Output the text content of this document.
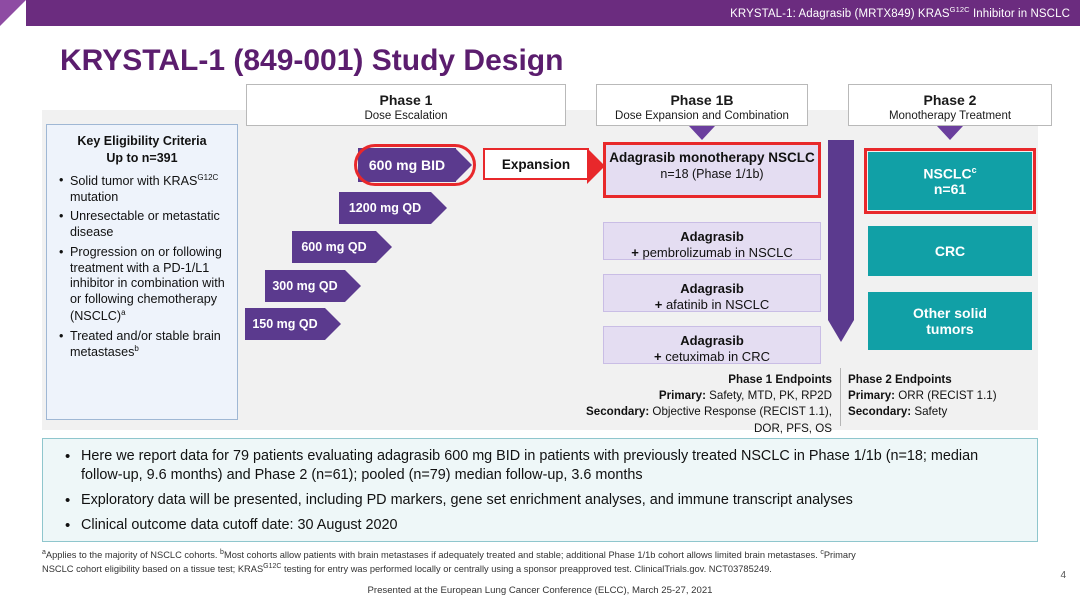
KRYSTAL-1: Adagrasib (MRTX849) $KRAS^{G12C}$ Inhibitor in NSCLC
KRYSTAL-1 (849-001) Study Design
Phase 1
Dose Escalation
Phase 1B
Dose Expansion and Combination
Phase 2
Monotherapy Treatment
Key Eligibility Criteria
Up to n=391
• Solid tumor with $KRAS^{G12C}$ mutation
• Unresectable or metastatic disease
• Progression on or following treatment with a PD-1/L1 inhibitor in combination with or following chemotherapy (NSCLC)$^a$
• Treated and/or stable brain metastases$^b$
150 mg QD
300 mg QD
600 mg QD
1200 mg QD
600 mg BID	Expansion	Adagrasib monotherapy NSCLC
n=18 (Phase 1/1b)
Adagrasib
+ pembrolizumab in NSCLC
Adagrasib
+ afatinib in NSCLC
Adagrasib
+ cetuximab in CRC
NSCLC$^c$
n=61
CRC
Other solid
tumors
Phase 1 Endpoints
Primary: Safety, MTD, PK, RP2D
Secondary: Objective Response (RECIST 1.1), DOR, PFS, OS
Phase 2 Endpoints
Primary: ORR (RECIST 1.1)
Secondary: Safety
• Here we report data for 79 patients evaluating adagrasib 600 mg BID in patients with previously treated NSCLC in Phase 1/1b (n=18; median follow-up, 9.6 months) and Phase 2 (n=61); pooled (n=79) median follow-up, 3.6 months
• Exploratory data will be presented, including PD markers, gene set enrichment analyses, and immune transcript analyses
• Clinical outcome data cutoff date: 30 August 2020
$^a$Applies to the majority of NSCLC cohorts. $^b$Most cohorts allow patients with brain metastases if adequately treated and stable; additional Phase 1/1b cohort allows limited brain metastases. $^c$Primary
NSCLC cohort eligibility based on a tissue test; $KRAS^{G12C}$ testing for entry was performed locally or centrally using a sponsor preapproved test. ClinicalTrials.gov. NCT03785249.
4
Presented at the European Lung Cancer Conference (ELCC), March 25-27, 2021
